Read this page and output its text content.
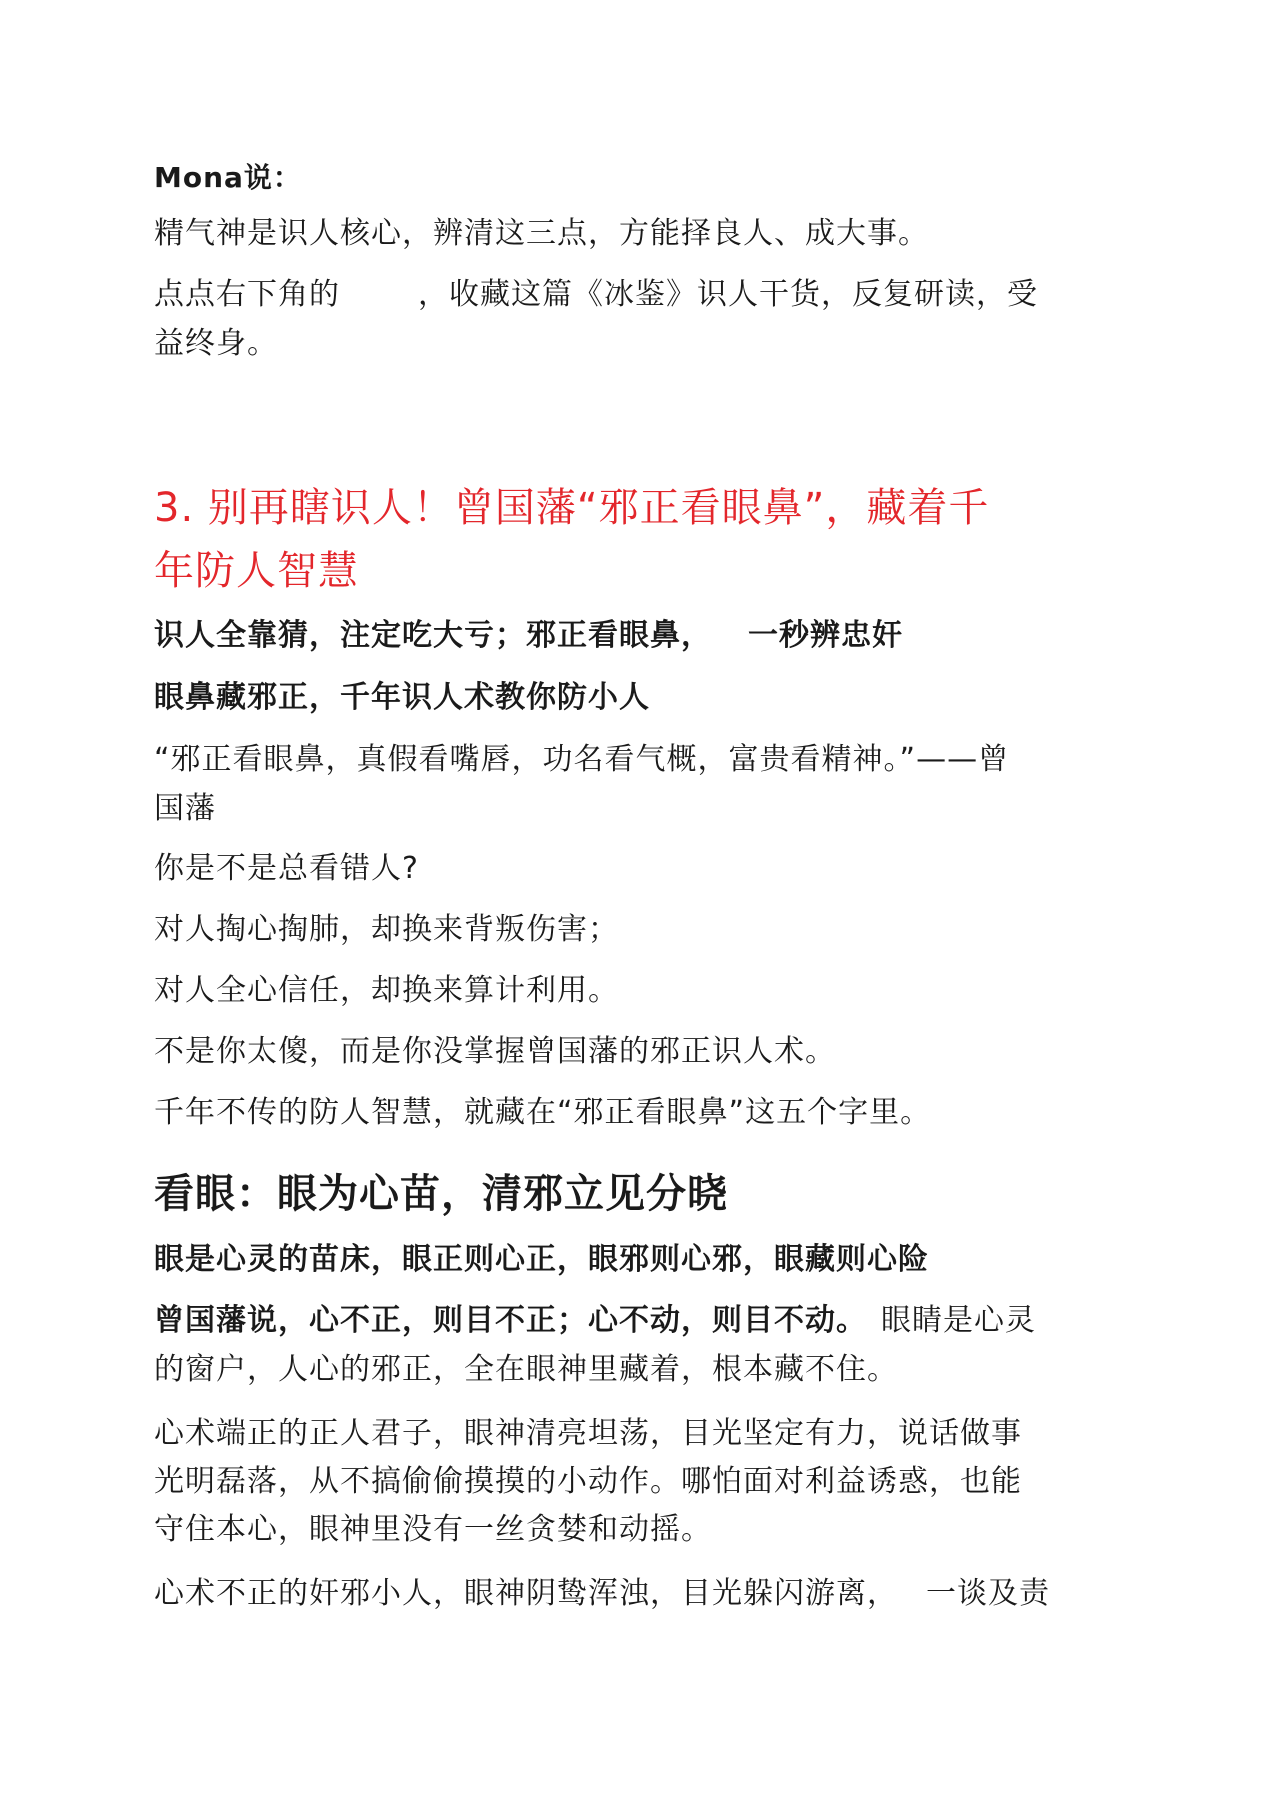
Mona说：
精气神是识人核心，辨清这三点，方能择良人、成大事。
点点右下角的	，收藏这篇《冰鉴》识人干货，反复研读，受
益终身。
3. 别再瞎识人！曾国藩“邪正看眼鼻”，藏着千
年防人智慧
识人全靠猜，注定吃大亏；邪正看眼鼻， 一秒辨忠奸
眼鼻藏邪正，千年识人术教你防小人
“邪正看眼鼻，真假看嘴唇，功名看气概，富贵看精神。”——曾
国藩
你是不是总看错人?
对人掏心掏肺，却换来背叛伤害；
对人全心信任，却换来算计利用。
不是你太傻，而是你没掌握曾国藩的邪正识人术。
千年不传的防人智慧，就藏在“邪正看眼鼻”这五个字里。
看眼：眼为心苗，清邪立见分晓
眼是心灵的苗床，眼正则心正，眼邪则心邪，眼藏则心险
曾国藩说，心不正，则目不正；心不动，则目不动。 眼睛是心灵
的窗户，人心的邪正，全在眼神里藏着，根本藏不住。
心术端正的正人君子，眼神清亮坦荡，目光坚定有力，说话做事
光明磊落，从不搞偷偷摸摸的小动作。哪怕面对利益诱惑，也能
守住本心，眼神里没有一丝贪婪和动摇。
心术不正的奸邪小人，眼神阴鸷浑浊，目光躲闪游离， 一谈及责
